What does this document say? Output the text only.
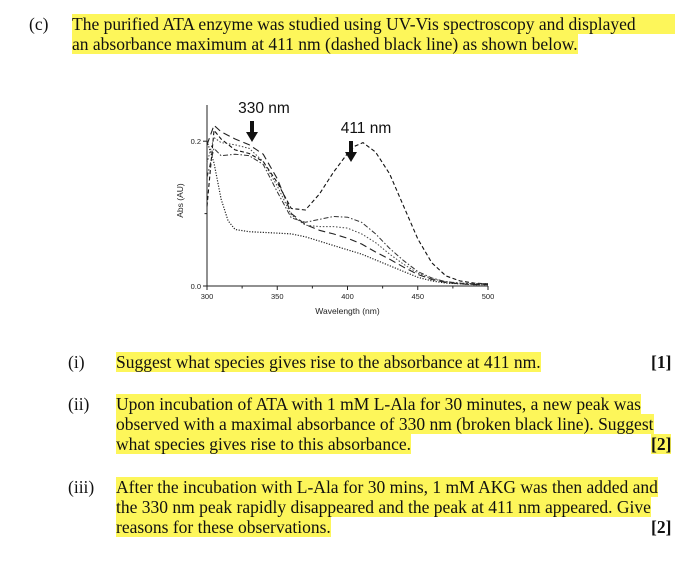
(c) The purified ATA enzyme was studied using UV-Vis spectroscopy and displayed
an absorbance maximum at 411 nm (dashed black line) as shown below.
300	350	400	450	500
0.0
0.2
Wavelength (nm)
Abs (AU)
330 nm
411 nm
(i) Suggest what species gives rise to the absorbance at 411 nm.	[1]
(ii) Upon incubation of ATA with 1 mM L-Ala for 30 minutes, a new peak was
observed with a maximal absorbance of 330 nm (broken black line). Suggest
what species gives rise to this absorbance.	[2]
(iii) After the incubation with L-Ala for 30 mins, 1 mM AKG was then added and
the 330 nm peak rapidly disappeared and the peak at 411 nm appeared. Give
reasons for these observations.	[2]
